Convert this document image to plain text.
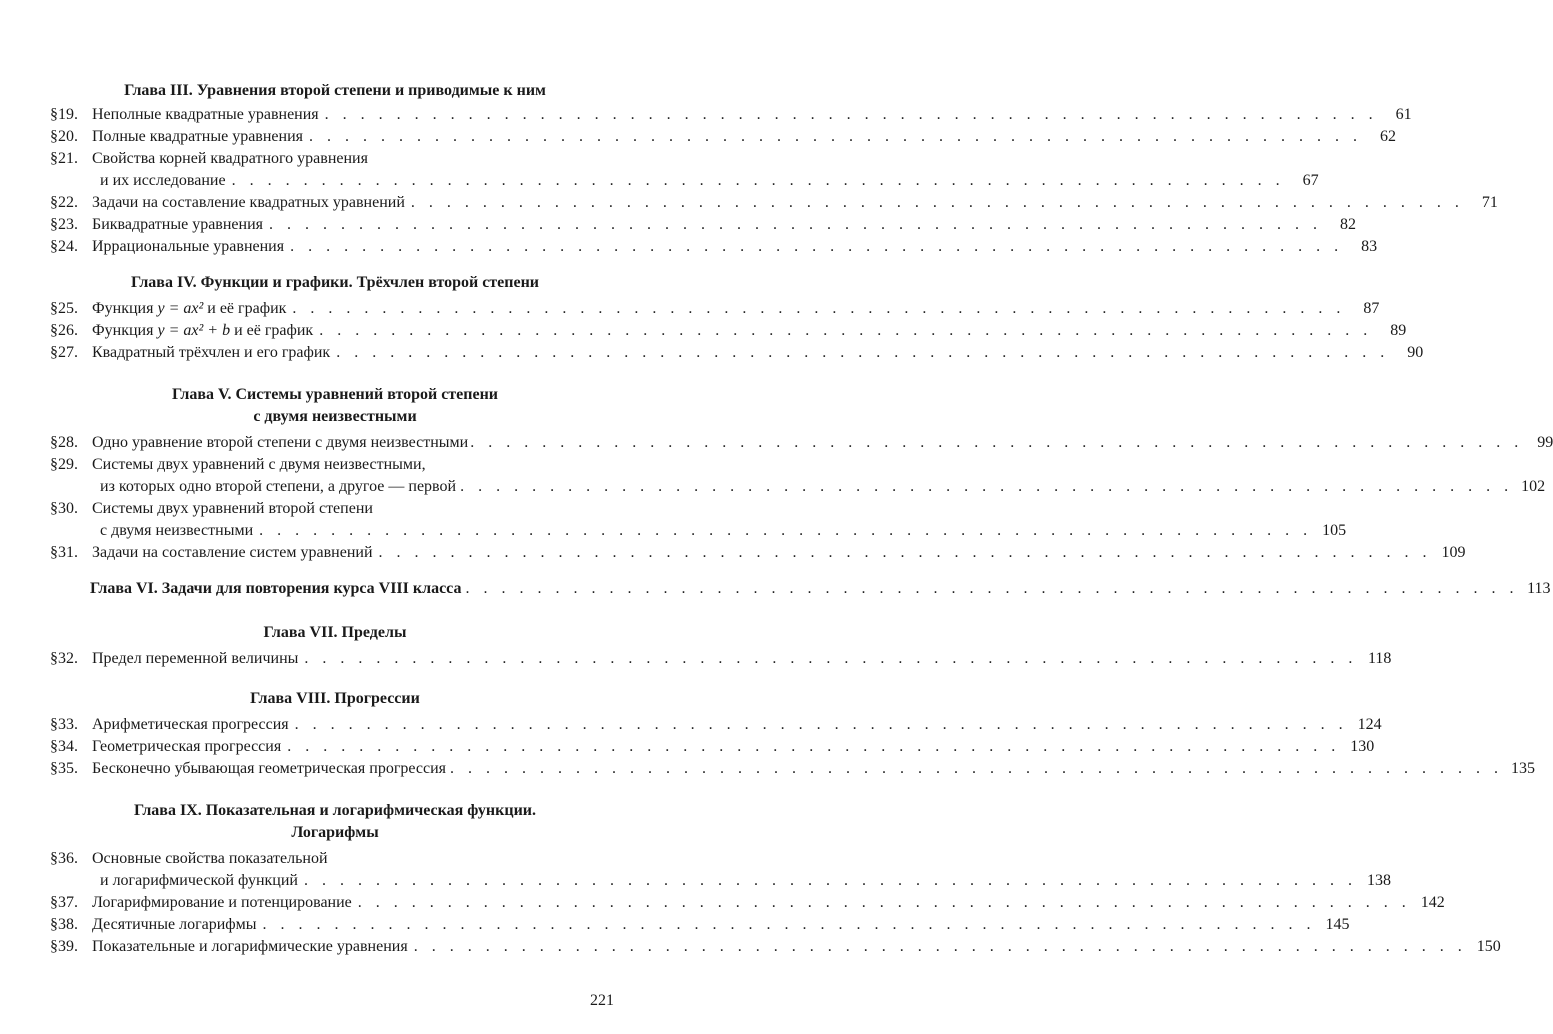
Глава III. Уравнения второй степени и приводимые к ним
§19. Неполные квадратные уравнения . . . . . . . . . . . . . . . . . . . . . . . . . . . . . . . . . . . . . . . . . . . . . . . . . . . . . . . . . . .	61
§20. Полные квадратные уравнения . . . . . . . . . . . . . . . . . . . . . . . . . . . . . . . . . . . . . . . . . . . . . . . . . . . . . . . . . . .	62
§21. Свойства корней квадратного уравнения
и их исследование . . . . . . . . . . . . . . . . . . . . . . . . . . . . . . . . . . . . . . . . . . . . . . . . . . . . . . . . . . .	67
§22. Задачи на составление квадратных уравнений . . . . . . . . . . . . . . . . . . . . . . . . . . . . . . . . . . . . . . . . . . . . . . . . . . . . . . . . . . .	71
§23. Биквадратные уравнения . . . . . . . . . . . . . . . . . . . . . . . . . . . . . . . . . . . . . . . . . . . . . . . . . . . . . . . . . . .	82
§24. Иррациональные уравнения . . . . . . . . . . . . . . . . . . . . . . . . . . . . . . . . . . . . . . . . . . . . . . . . . . . . . . . . . . .	83
Глава IV. Функции и графики. Трёхчлен второй степени
§25. Функция y = ax² и её график . . . . . . . . . . . . . . . . . . . . . . . . . . . . . . . . . . . . . . . . . . . . . . . . . . . . . . . . . . .	87
§26. Функция y = ax² + b и её график . . . . . . . . . . . . . . . . . . . . . . . . . . . . . . . . . . . . . . . . . . . . . . . . . . . . . . . . . . .	89
§27. Квадратный трёхчлен и его график . . . . . . . . . . . . . . . . . . . . . . . . . . . . . . . . . . . . . . . . . . . . . . . . . . . . . . . . . . .	90
Глава V. Системы уравнений второй степени
с двумя неизвестными
§28. Одно уравнение второй степени с двумя неизвестными . . . . . . . . . . . . . . . . . . . . . . . . . . . . . . . . . . . . . . . . . . . . . . . . . . . . . . . . . . . 99
§29. Системы двух уравнений с двумя неизвестными,
из которых одно второй степени, а другое — первой . . . . . . . . . . . . . . . . . . . . . . . . . . . . . . . . . . . . . . . . . . . . . . . . . . . . . . . . . . . 102
§30. Системы двух уравнений второй степени
с двумя неизвестными . . . . . . . . . . . . . . . . . . . . . . . . . . . . . . . . . . . . . . . . . . . . . . . . . . . . . . . . . . . 105
§31. Задачи на составление систем уравнений . . . . . . . . . . . . . . . . . . . . . . . . . . . . . . . . . . . . . . . . . . . . . . . . . . . . . . . . . . . 109
Глава VI. Задачи для повторения курса VIII класса . . . . . . . . . . . . . . . . . . . . . . . . . . . . . . . . . . . . . . . . . . . . . . . . . . . . . . . . . . . 113
Глава VII. Пределы
§32. Предел переменной величины . . . . . . . . . . . . . . . . . . . . . . . . . . . . . . . . . . . . . . . . . . . . . . . . . . . . . . . . . . . 118
Глава VIII. Прогрессии
§33. Арифметическая прогрессия . . . . . . . . . . . . . . . . . . . . . . . . . . . . . . . . . . . . . . . . . . . . . . . . . . . . . . . . . . . 124
§34. Геометрическая прогрессия . . . . . . . . . . . . . . . . . . . . . . . . . . . . . . . . . . . . . . . . . . . . . . . . . . . . . . . . . . . 130
§35. Бесконечно убывающая геометрическая прогрессия . . . . . . . . . . . . . . . . . . . . . . . . . . . . . . . . . . . . . . . . . . . . . . . . . . . . . . . . . . . 135
Глава IX. Показательная и логарифмическая функции.
Логарифмы
§36. Основные свойства показательной
и логарифмической функций . . . . . . . . . . . . . . . . . . . . . . . . . . . . . . . . . . . . . . . . . . . . . . . . . . . . . . . . . . . 138
§37. Логарифмирование и потенцирование . . . . . . . . . . . . . . . . . . . . . . . . . . . . . . . . . . . . . . . . . . . . . . . . . . . . . . . . . . . 142
§38. Десятичные логарифмы . . . . . . . . . . . . . . . . . . . . . . . . . . . . . . . . . . . . . . . . . . . . . . . . . . . . . . . . . . . 145
§39. Показательные и логарифмические уравнения . . . . . . . . . . . . . . . . . . . . . . . . . . . . . . . . . . . . . . . . . . . . . . . . . . . . . . . . . . . 150
221
